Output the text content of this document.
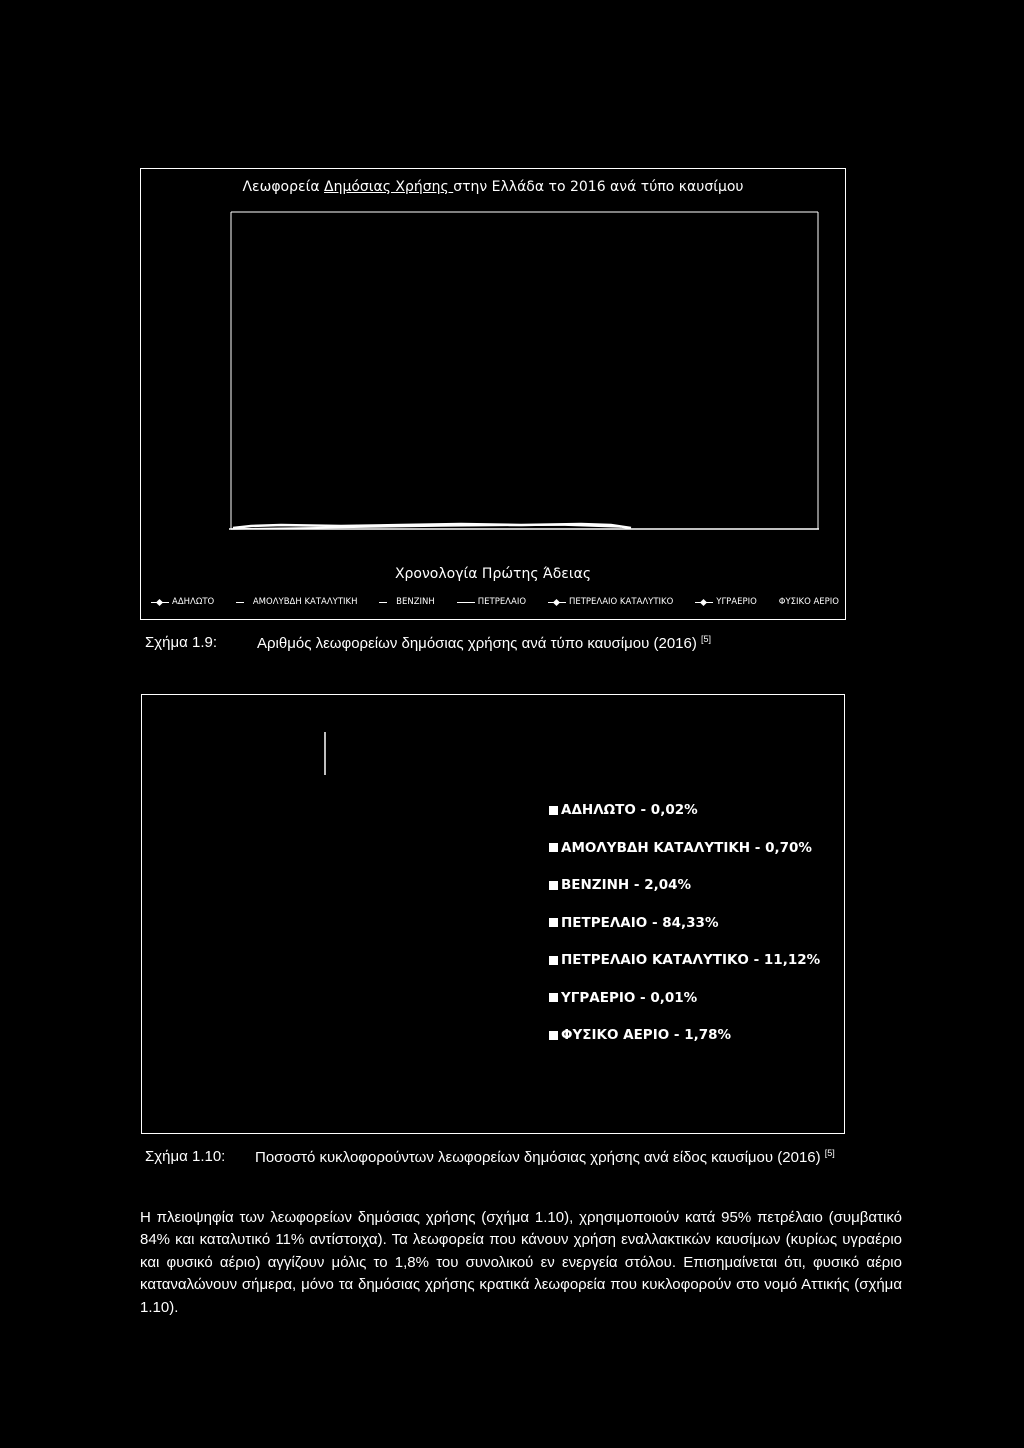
Λεωφορεία Δημόσιας Χρήσης στην Ελλάδα το 2016 ανά τύπο καυσίμου
Χρονολογία Πρώτης Άδειας
ΑΔΗΛΩΤΟ
	ΑΜΟΛΥΒΔΗ ΚΑΤΑΛΥΤΙΚΗ
	ΒΕΝΖΙΝΗ	ΠΕΤΡΕΛΑΙΟ	ΠΕΤΡΕΛΑΙΟ ΚΑΤΑΛΥΤΙΚΟ	ΥΓΡΑΕΡΙΟ	ΦΥΣΙΚΟ ΑΕΡΙΟ
Σχήμα 1.9:	Αριθμός λεωφορείων δημόσιας χρήσης ανά τύπο καυσίμου (2016) [5]
ΑΔΗΛΩΤΟ - 0,02%
ΑΜΟΛΥΒΔΗ ΚΑΤΑΛΥΤΙΚΗ - 0,70%
ΒΕΝΖΙΝΗ - 2,04%
ΠΕΤΡΕΛΑΙΟ - 84,33%
ΠΕΤΡΕΛΑΙΟ ΚΑΤΑΛΥΤΙΚΟ - 11,12%
ΥΓΡΑΕΡΙΟ - 0,01%
ΦΥΣΙΚΟ ΑΕΡΙΟ - 1,78%
Σχήμα 1.10: Ποσοστό κυκλοφορούντων λεωφορείων δημόσιας χρήσης ανά είδος καυσίμου (2016) [5]
Η πλειοψηφία των λεωφορείων δημόσιας χρήσης (σχήμα 1.10), χρησιμοποιούν κατά 95% πετρέλαιο (συμβατικό 84% και καταλυτικό 11% αντίστοιχα). Τα λεωφορεία που κάνουν χρήση εναλλακτικών καυσίμων (κυρίως υγραέριο και φυσικό αέριο) αγγίζουν μόλις το 1,8% του συνολικού εν ενεργεία στόλου. Επισημαίνεται ότι, φυσικό αέριο καταναλώνουν σήμερα, μόνο τα δημόσιας χρήσης κρατικά λεωφορεία που κυκλοφορούν στο νομό Αττικής (σχήμα 1.10).
